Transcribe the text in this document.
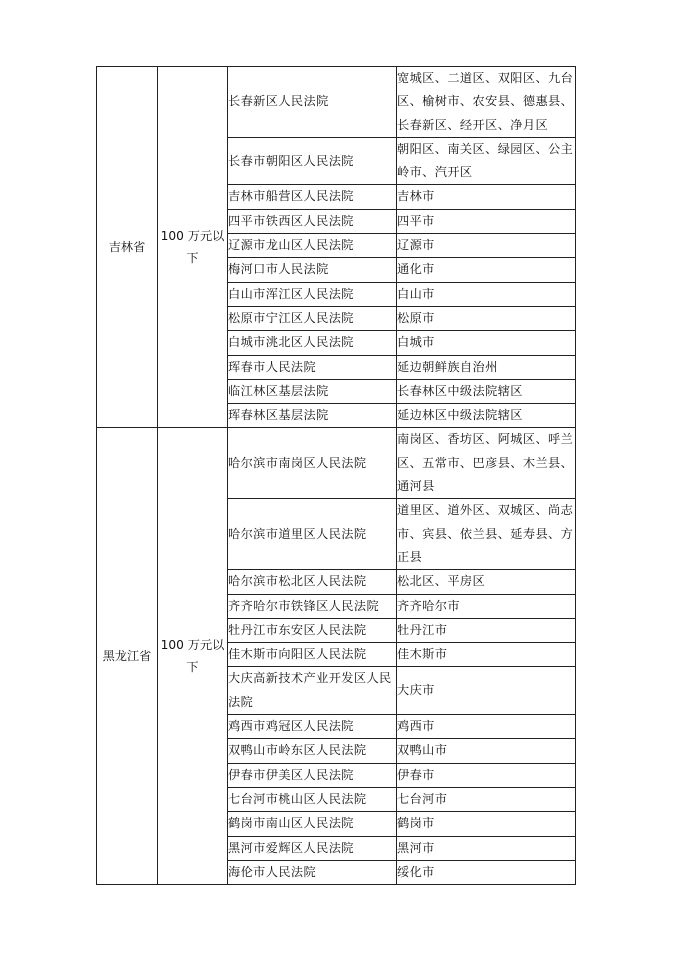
吉林省	100 万元以下	长春新区人民法院	宽城区、二道区、双阳区、九台区、榆树市、农安县、德惠县、长春新区、经开区、净月区
		长春市朝阳区人民法院	朝阳区、南关区、绿园区、公主岭市、汽开区
		吉林市船营区人民法院	吉林市
		四平市铁西区人民法院	四平市
		辽源市龙山区人民法院	辽源市
		梅河口市人民法院	通化市
		白山市浑江区人民法院	白山市
		松原市宁江区人民法院	松原市
		白城市洮北区人民法院	白城市
		珲春市人民法院	延边朝鲜族自治州
		临江林区基层法院	长春林区中级法院辖区
		珲春林区基层法院	延边林区中级法院辖区
黑龙江省	100 万元以下	哈尔滨市南岗区人民法院	南岗区、香坊区、阿城区、呼兰区、五常市、巴彦县、木兰县、通河县
		哈尔滨市道里区人民法院	道里区、道外区、双城区、尚志市、宾县、依兰县、延寿县、方正县
		哈尔滨市松北区人民法院	松北区、平房区
		齐齐哈尔市铁锋区人民法院	齐齐哈尔市
		牡丹江市东安区人民法院	牡丹江市
		佳木斯市向阳区人民法院	佳木斯市
		大庆高新技术产业开发区人民法院	大庆市
		鸡西市鸡冠区人民法院	鸡西市
		双鸭山市岭东区人民法院	双鸭山市
		伊春市伊美区人民法院	伊春市
		七台河市桃山区人民法院	七台河市
		鹤岗市南山区人民法院	鹤岗市
		黑河市爱辉区人民法院	黑河市
		海伦市人民法院	绥化市
